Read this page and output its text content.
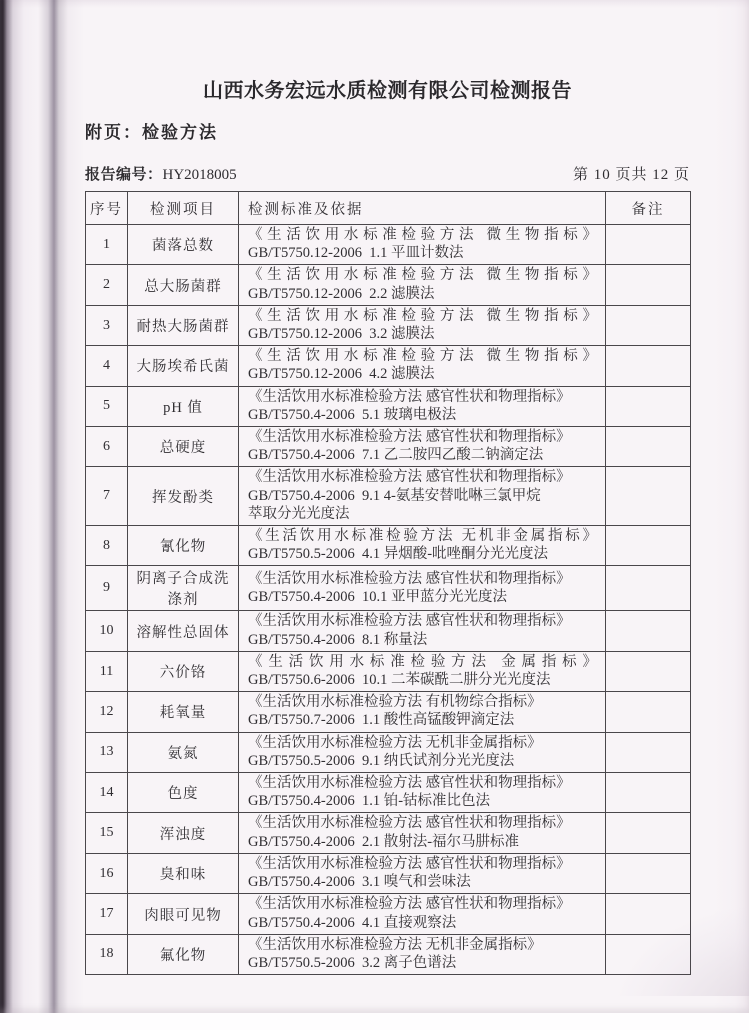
山西水务宏远水质检测有限公司检测报告
附页：检验方法
报告编号：HY2018005	第 10 页共 12 页
序号	检测项目	检测标准及依据	备注
1	菌落总数	《生活饮用水标准检验方法 微生物指标》
GB/T5750.12-2006  1.1 平皿计数法	

2	总大肠菌群	《生活饮用水标准检验方法 微生物指标》
GB/T5750.12-2006  2.2 滤膜法	

3	耐热大肠菌群	《生活饮用水标准检验方法 微生物指标》
GB/T5750.12-2006  3.2 滤膜法	

4	大肠埃希氏菌	《生活饮用水标准检验方法 微生物指标》
GB/T5750.12-2006  4.2 滤膜法	

5	pH 值	《生活饮用水标准检验方法 感官性状和物理指标》
GB/T5750.4-2006  5.1 玻璃电极法	

6	总硬度	《生活饮用水标准检验方法 感官性状和物理指标》
GB/T5750.4-2006  7.1 乙二胺四乙酸二钠滴定法	

7	挥发酚类	《生活饮用水标准检验方法 感官性状和物理指标》
GB/T5750.4-2006  9.1 4-氨基安替吡啉三氯甲烷
萃取分光光度法	

8	氰化物	《生活饮用水标准检验方法 无机非金属指标》
GB/T5750.5-2006  4.1 异烟酸-吡唑酮分光光度法	

9	阴离子合成洗涤剂	《生活饮用水标准检验方法 感官性状和物理指标》
GB/T5750.4-2006  10.1 亚甲蓝分光光度法	

10	溶解性总固体	《生活饮用水标准检验方法 感官性状和物理指标》
GB/T5750.4-2006  8.1 称量法	

11	六价铬	《生活饮用水标准检验方法 金属指标》
GB/T5750.6-2006  10.1 二苯碳酰二肼分光光度法	

12	耗氧量	《生活饮用水标准检验方法 有机物综合指标》
GB/T5750.7-2006  1.1 酸性高锰酸钾滴定法	

13	氨氮	《生活饮用水标准检验方法 无机非金属指标》
GB/T5750.5-2006  9.1 纳氏试剂分光光度法	

14	色度	《生活饮用水标准检验方法 感官性状和物理指标》
GB/T5750.4-2006  1.1 铂-钴标准比色法	

15	浑浊度	《生活饮用水标准检验方法 感官性状和物理指标》
GB/T5750.4-2006  2.1 散射法-福尔马肼标准	

16	臭和味	《生活饮用水标准检验方法 感官性状和物理指标》
GB/T5750.4-2006  3.1 嗅气和尝味法	

17	肉眼可见物	《生活饮用水标准检验方法 感官性状和物理指标》
GB/T5750.4-2006  4.1 直接观察法	

18	氟化物	《生活饮用水标准检验方法 无机非金属指标》
GB/T5750.5-2006  3.2 离子色谱法	
